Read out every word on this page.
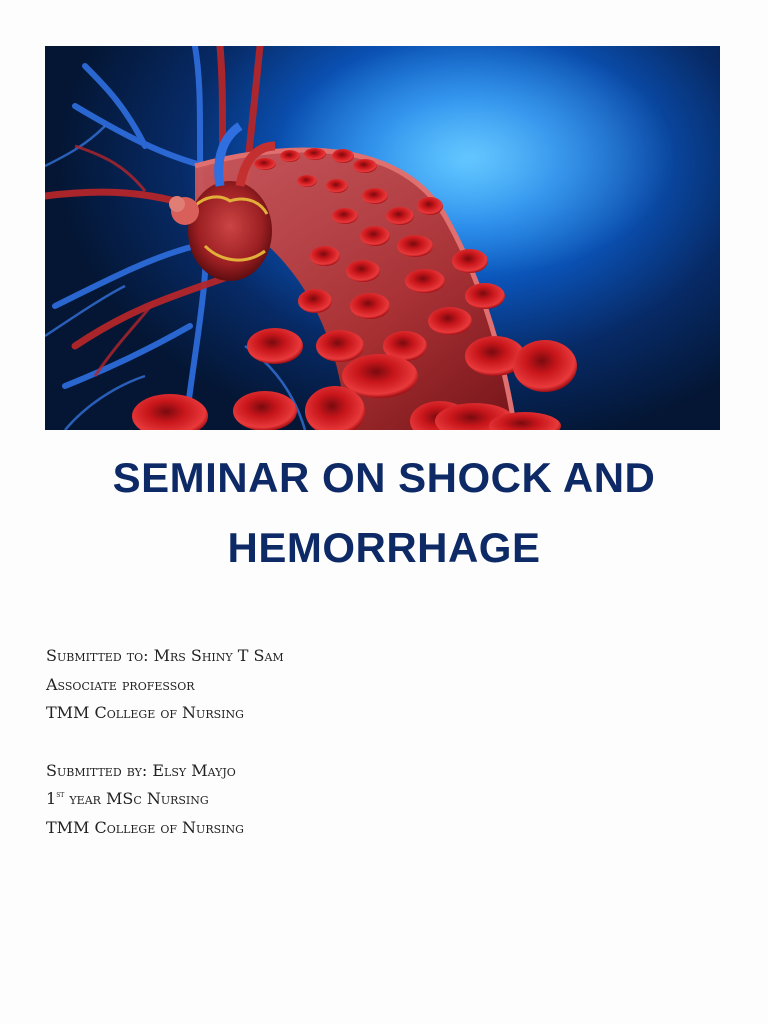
SEMINAR ON SHOCK AND
HEMORRHAGE
Submitted to: Mrs Shiny T Sam
Associate professor
TMM College of Nursing
Submitted by: Elsy Mayjo
1st year MSc Nursing
TMM College of Nursing
